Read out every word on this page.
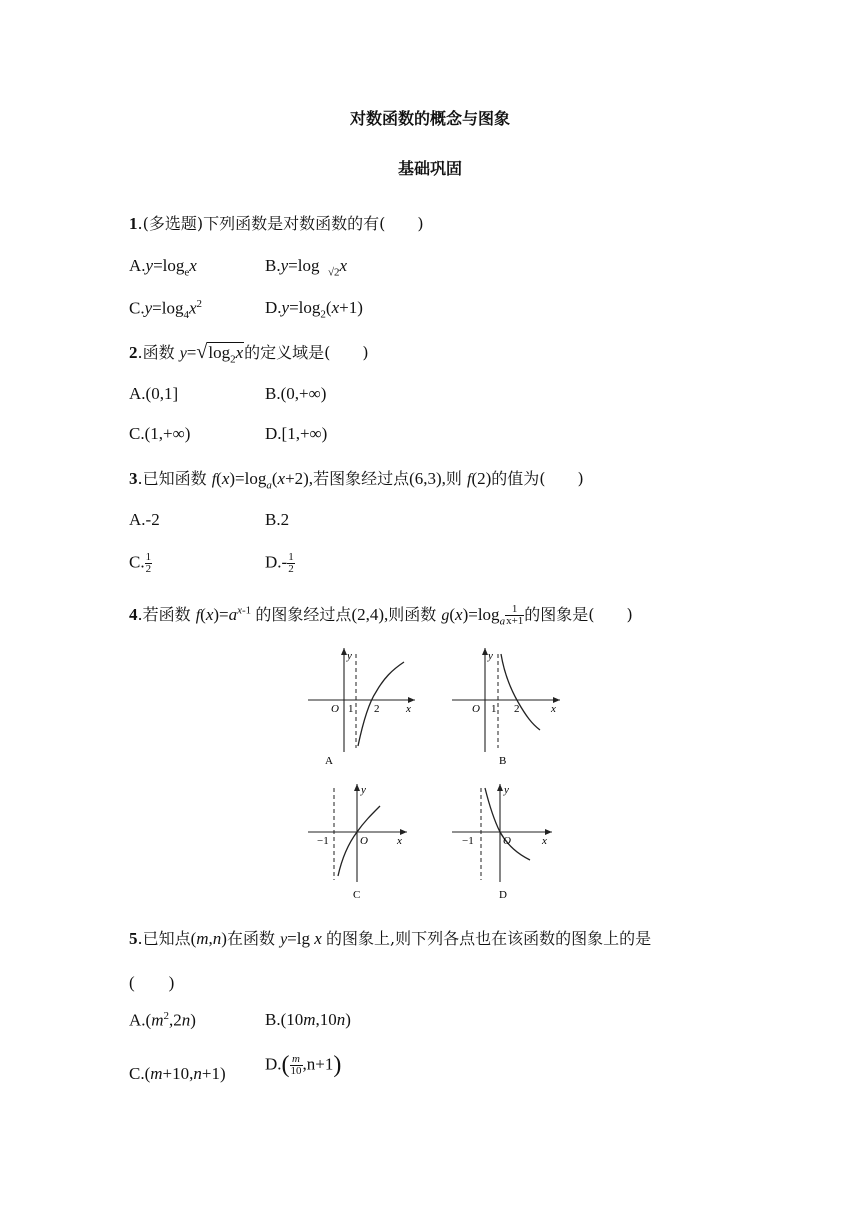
对数函数的概念与图象
基础巩固
1.(多选题)下列函数是对数函数的有(　　)
$A.y=\log_ex$	B.y=log  $_{√2}$x
$C.y=\log_4x^2$	$D.y=\log_2(x+1)$
2.函数 $y=√\log_2x$的定义域是(　　)
A.(0,1]	B.(0,+∞)
C.(1,+∞)	D.[1,+∞)
3.已知函数 $f(x)=\log_a(x+2)$,若图象经过点(6,3),则 f(2)的值为(　　)
A.-2	B.2
C. $\frac{1}{2}$	$D.- \frac{1}{2}$
4.若函数 $f(x)=a^{x-1}$ 的图象经过点(2,4),则函数 $g(x)=\log_a \frac{1}{x+1}$ 的图象是(　　)
y
x
O 1 2
A
y
x
O 1 2
B
y
x
O
−1
C
y
x
O
−1
D
5.已知点(m,n)在函数 y=lg x 的图象上,则下列各点也在该函数的图象上的是
(　　)
$A.(m^2,2n)$	B.(10m,10n)
C.(m+10,n+1)
$D.( \frac{m}{10} ,n+1)$
